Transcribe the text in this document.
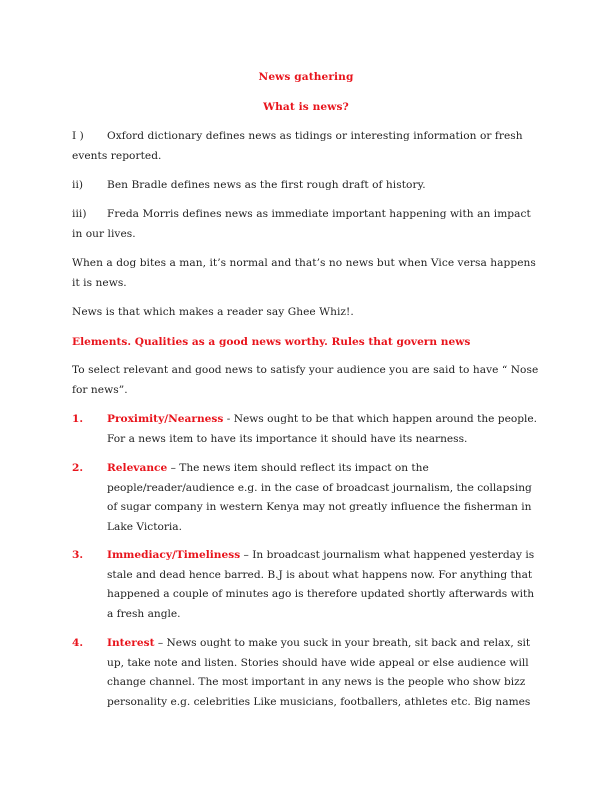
News gathering
What is news?
I ) Oxford dictionary defines news as tidings or interesting information or fresh
events reported.
ii) Ben Bradle defines news as the first rough draft of history.
iii) Freda Morris defines news as immediate important happening with an impact
in our lives.
When a dog bites a man, it’s normal and that’s no news but when Vice versa happens
it is news.
News is that which makes a reader say Ghee Whiz!.
Elements. Qualities as a good news worthy. Rules that govern news
To select relevant and good news to satisfy your audience you are said to have “ Nose
for news”.
1. Proximity/Nearness - News ought to be that which happen around the people.
For a news item to have its importance it should have its nearness.
2. Relevance – The news item should reflect its impact on the
people/reader/audience e.g. in the case of broadcast journalism, the collapsing
of sugar company in western Kenya may not greatly influence the fisherman in
Lake Victoria.
3. Immediacy/Timeliness – In broadcast journalism what happened yesterday is
stale and dead hence barred. B.J is about what happens now. For anything that
happened a couple of minutes ago is therefore updated shortly afterwards with
a fresh angle.
4. Interest – News ought to make you suck in your breath, sit back and relax, sit
up, take note and listen. Stories should have wide appeal or else audience will
change channel. The most important in any news is the people who show bizz
personality e.g. celebrities Like musicians, footballers, athletes etc. Big names
